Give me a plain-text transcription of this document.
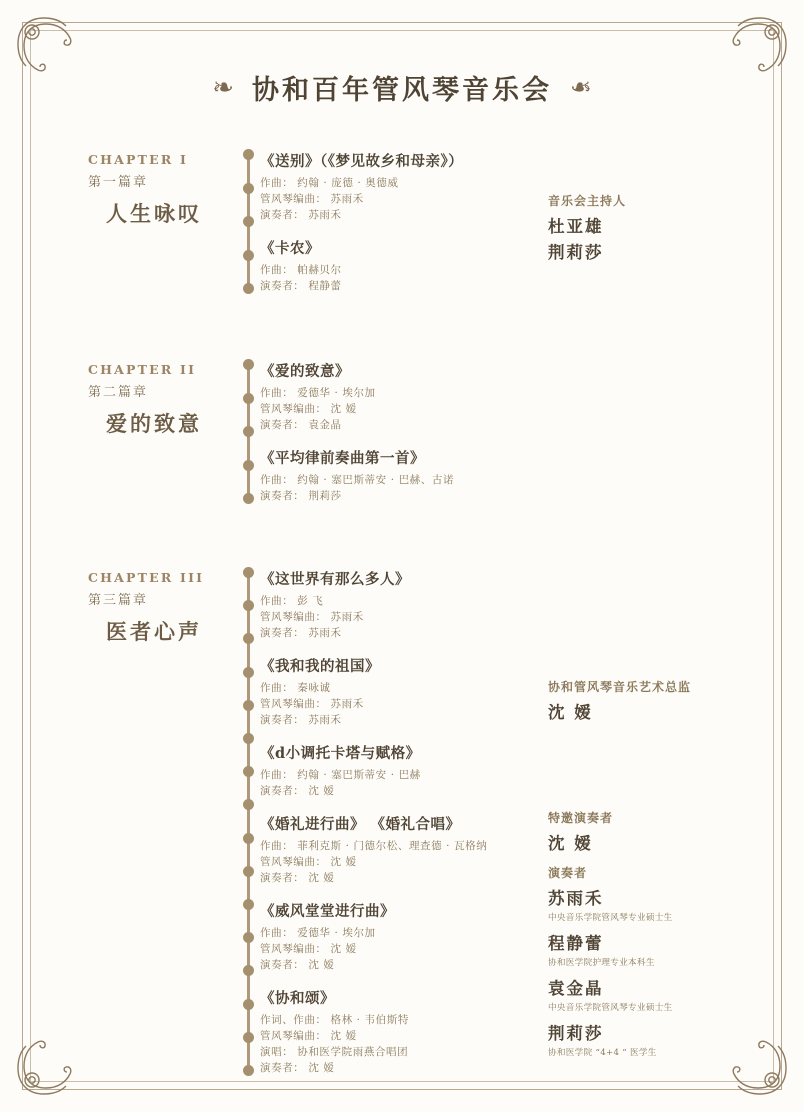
❧ 协和百年管风琴音乐会 ❧
CHAPTER I
第一篇章
人生咏叹
《送别》（《梦见故乡和母亲》）
作曲： 约翰 · 庞德 · 奥德威
管风琴编曲： 苏雨禾
演奏者： 苏雨禾
《卡农》
作曲： 帕赫贝尔
演奏者： 程静蕾
音乐会主持人
杜亚雄
荆莉莎
CHAPTER II
第二篇章
爱的致意
《爱的致意》
作曲： 爱德华 · 埃尔加
管风琴编曲： 沈 嫒
演奏者： 袁金晶
《平均律前奏曲第一首》
作曲： 约翰 · 塞巴斯蒂安 · 巴赫、古诺
演奏者： 荆莉莎
CHAPTER III
第三篇章
医者心声
《这世界有那么多人》
作曲： 彭 飞
管风琴编曲： 苏雨禾
演奏者： 苏雨禾
《我和我的祖国》
作曲： 秦咏诚
管风琴编曲： 苏雨禾
演奏者： 苏雨禾
《d小调托卡塔与赋格》
作曲： 约翰 · 塞巴斯蒂安 · 巴赫
演奏者： 沈 嫒
《婚礼进行曲》 《婚礼合唱》
作曲： 菲利克斯 · 门德尔松、理查德 · 瓦格纳
管风琴编曲： 沈 嫒
演奏者： 沈 嫒
《威风堂堂进行曲》
作曲： 爱德华 · 埃尔加
管风琴编曲： 沈 嫒
演奏者： 沈 嫒
《协和颂》
作词、作曲： 格林 · 韦伯斯特
管风琴编曲： 沈 嫒
演唱： 协和医学院雨燕合唱团
演奏者： 沈 嫒
协和管风琴音乐艺术总监
沈 嫒
特邀演奏者
沈 嫒
演奏者
苏雨禾
中央音乐学院管风琴专业硕士生
程静蕾
协和医学院护理专业本科生
袁金晶
中央音乐学院管风琴专业硕士生
荆莉莎
协和医学院 “4+4 ” 医学生
